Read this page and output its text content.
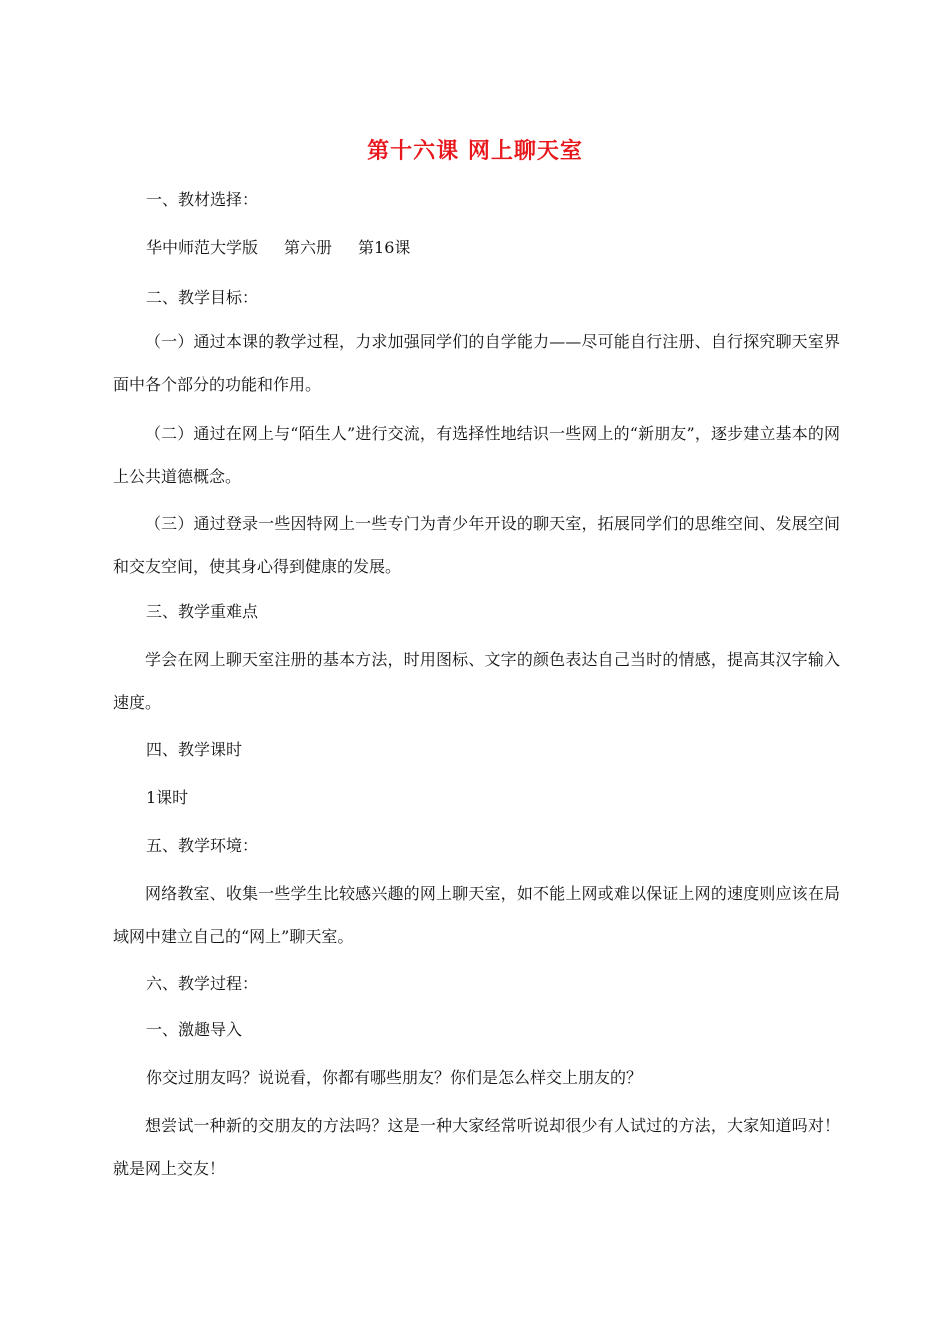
第十六课 网上聊天室

一、教材选择：

华中师范大学版 第六册 第16课

二、教学目标：

（一）通过本课的教学过程，力求加强同学们的自学能力——尽可能自行注册、自行探究聊天室界面中各个部分的功能和作用。

（二）通过在网上与“陌生人”进行交流，有选择性地结识一些网上的“新朋友”，逐步建立基本的网上公共道德概念。

（三）通过登录一些因特网上一些专门为青少年开设的聊天室，拓展同学们的思维空间、发展空间和交友空间，使其身心得到健康的发展。

三、教学重难点

学会在网上聊天室注册的基本方法，时用图标、文字的颜色表达自己当时的情感，提高其汉字输入速度。

四、教学课时

1课时

五、教学环境：

网络教室、收集一些学生比较感兴趣的网上聊天室，如不能上网或难以保证上网的速度则应该在局域网中建立自己的“网上”聊天室。

六、教学过程：

一、激趣导入

你交过朋友吗？说说看，你都有哪些朋友？你们是怎么样交上朋友的？

想尝试一种新的交朋友的方法吗？这是一种大家经常听说却很少有人试过的方法，大家知道吗对！就是网上交友！
